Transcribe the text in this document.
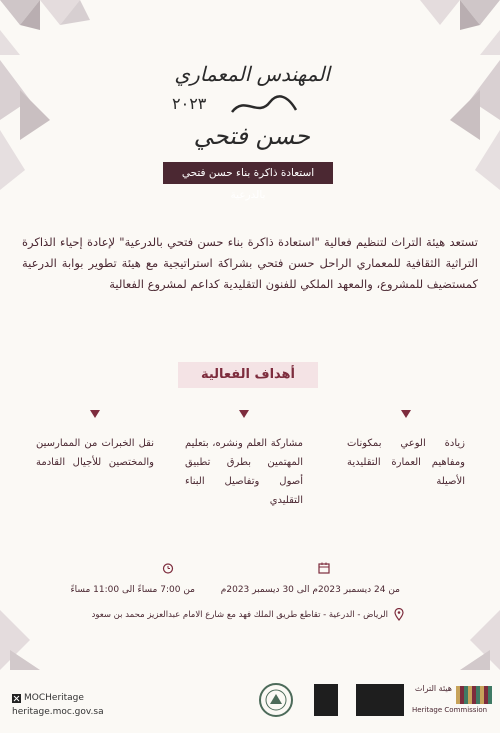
المهندس المعماري
٢٠٢٣
حسن فتحي
استعادة ذاكرة بناء حسن فتحي بالدرعية
تستعد هيئة التراث لتنظيم فعالية "استعادة ذاكرة بناء حسن فتحي بالدرعية" لإعادة إحياء الذاكرة التراثية الثقافية للمعماري الراحل حسن فتحي بشراكة استراتيجية مع هيئة تطوير بوابة الدرعية كمستضيف للمشروع، والمعهد الملكي للفنون التقليدية كداعم لمشروع الفعالية
أهداف الفعالية
زيادة الوعي بمكونات ومفاهيم العمارة التقليدية الأصيلة
مشاركة العلم ونشره، بتعليم المهتمين بطرق تطبيق أصول وتفاصيل البناء التقليدي
نقل الخبرات من الممارسين والمختصين للأجيال القادمة
من 24 ديسمبر 2023م الى 30 ديسمبر 2023م
من 7:00 مساءً الى 11:00 مساءً
الرياض - الدرعية - تقاطع طريق الملك فهد مع شارع الامام عبدالعزيز محمد بن سعود
MOCHeritage
heritage.moc.gov.sa
هيئة التراث
Heritage Commission
